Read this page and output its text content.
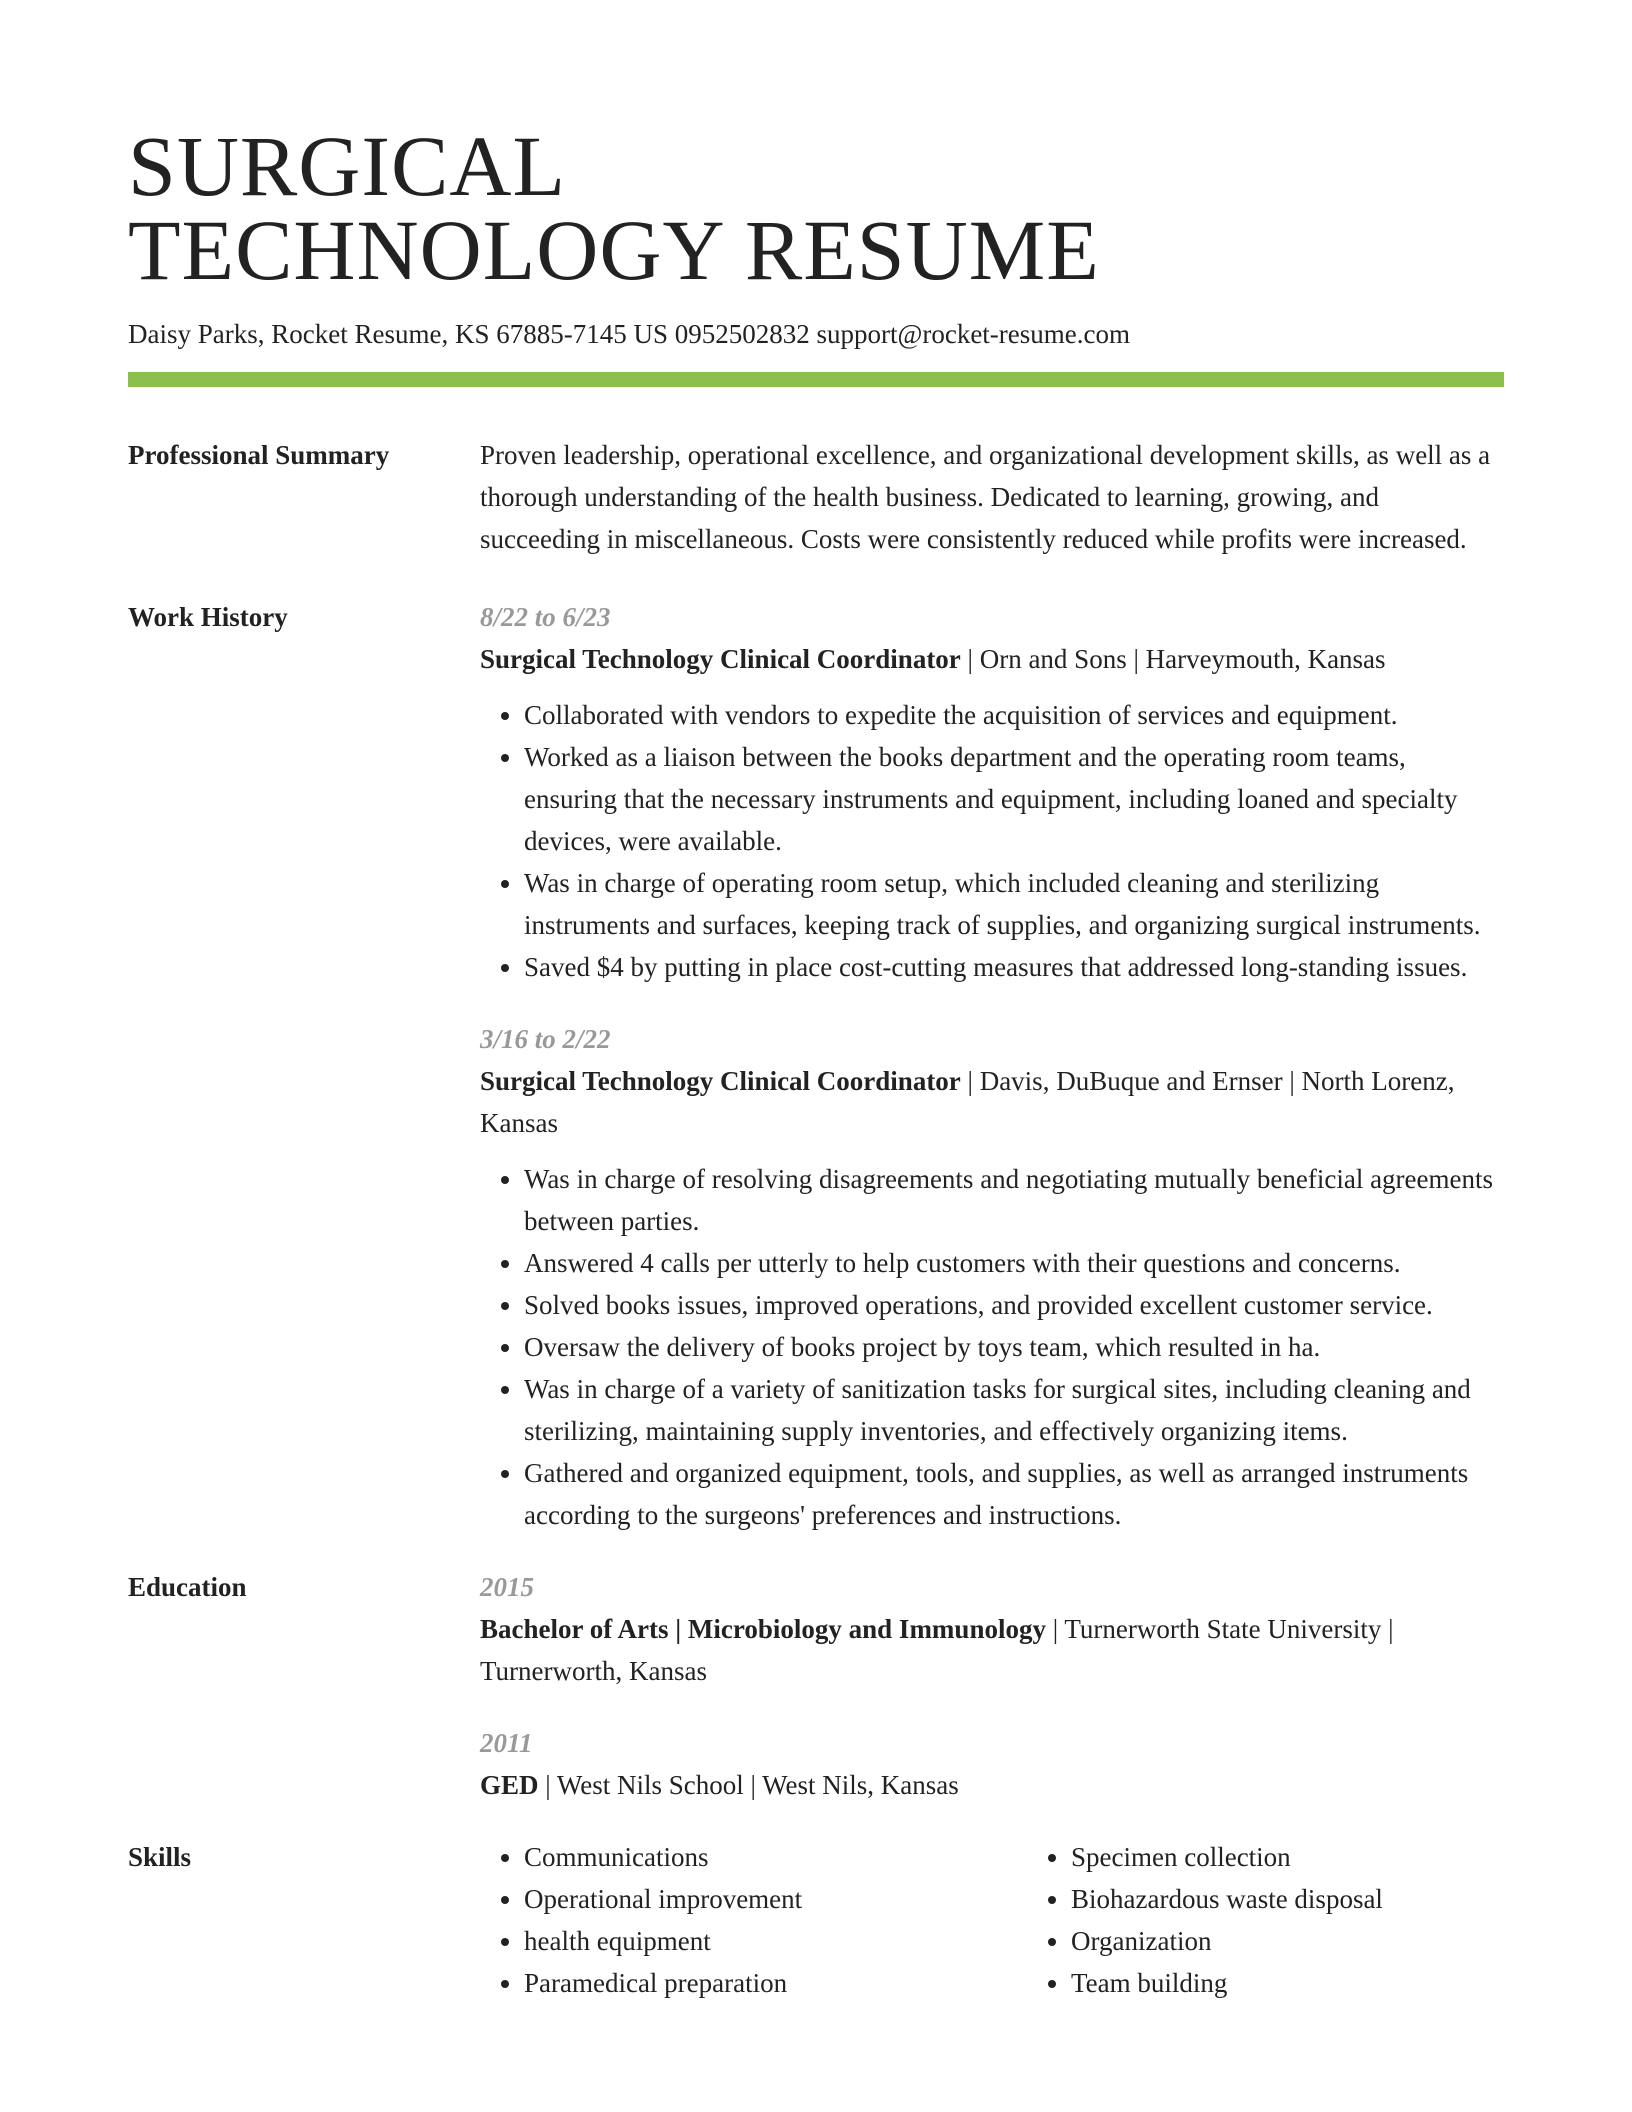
SURGICAL
TECHNOLOGY RESUME
Daisy Parks, Rocket Resume, KS 67885-7145 US 0952502832 support@rocket-resume.com
Professional Summary	Proven leadership, operational excellence, and organizational development skills, as well as a thorough understanding of the health business. Dedicated to learning, growing, and succeeding in miscellaneous. Costs were consistently reduced while profits were increased.

Work History	8/22 to 6/23
Surgical Technology Clinical Coordinator | Orn and Sons | Harveymouth, Kansas
• Collaborated with vendors to expedite the acquisition of services and equipment.
• Worked as a liaison between the books department and the operating room teams, ensuring that the necessary instruments and equipment, including loaned and specialty devices, were available.
• Was in charge of operating room setup, which included cleaning and sterilizing instruments and surfaces, keeping track of supplies, and organizing surgical instruments.
• Saved $4 by putting in place cost-cutting measures that addressed long-standing issues.
3/16 to 2/22
Surgical Technology Clinical Coordinator | Davis, DuBuque and Ernser | North Lorenz, Kansas
• Was in charge of resolving disagreements and negotiating mutually beneficial agreements between parties.
• Answered 4 calls per utterly to help customers with their questions and concerns.
• Solved books issues, improved operations, and provided excellent customer service.
• Oversaw the delivery of books project by toys team, which resulted in ha.
• Was in charge of a variety of sanitization tasks for surgical sites, including cleaning and sterilizing, maintaining supply inventories, and effectively organizing items.
• Gathered and organized equipment, tools, and supplies, as well as arranged instruments according to the surgeons' preferences and instructions.
Education	2015
Bachelor of Arts | Microbiology and Immunology | Turnerworth State University | Turnerworth, Kansas
2011
GED | West Nils School | West Nils, Kansas
Skills
•	Communications
• Operational improvement
• health equipment
• Paramedical preparation
• Specimen collection
• Biohazardous waste disposal
• Organization
• Team building
